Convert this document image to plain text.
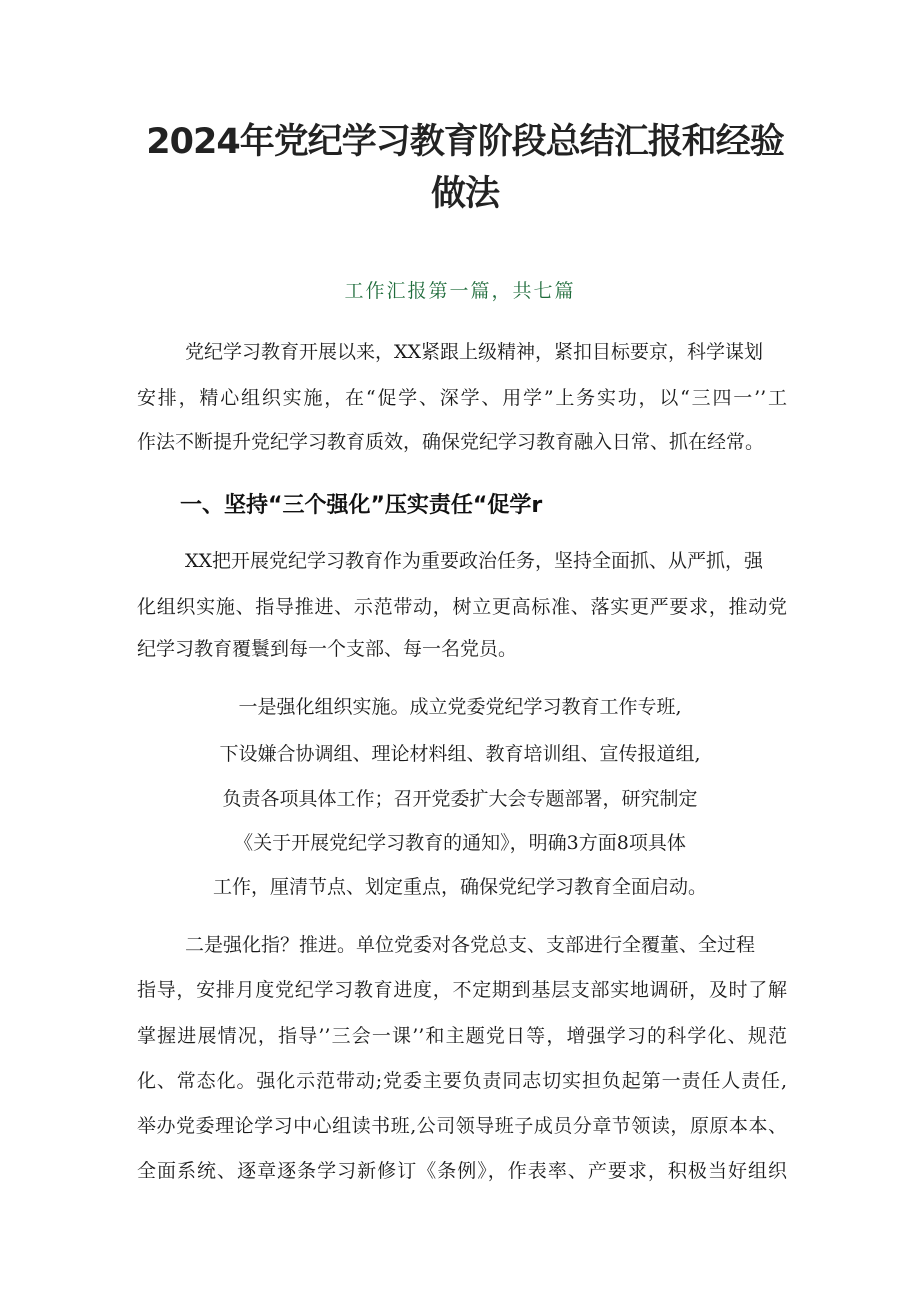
2024年党纪学习教育阶段总结汇报和经验
做法

工作汇报第一篇，共七篇

党纪学习教育开展以来，XX紧跟上级精神，紧扣目标要京，科学谋划

安排，精心组织实施，在“促学、深学、用学”上务实功，以“三四一’’工

作法不断提升党纪学习教育质效，确保党纪学习教育融入日常、抓在经常。

一、坚持“三个强化”压实责任“促学r

XX把开展党纪学习教育作为重要政治任务，坚持全面抓、从严抓，强

化组织实施、指导推进、示范带动，树立更高标准、落实更严要求，推动党

纪学习教育覆鬟到每一个支部、每一名党员。

一是强化组织实施。成立党委党纪学习教育工作专班,

下设嫌合协调组、理论材料组、教育培训组、宣传报道组,

负责各项具体工作；召开党委扩大会专题部署，研究制定

《关于开展党纪学习教育的通知》，明确3方面8项具体

工作，厘清节点、划定重点，确保党纪学习教育全面启动。

二是强化指？推进。单位党委对各党总支、支部进行全覆董、全过程

指导，安排月度党纪学习教育进度，不定期到基层支部实地调研，及时了解

掌握进展情况，指导’’三会一课’’和主题党日等，增强学习的科学化、规范

化、常态化。强化示范带动;党委主要负责同志切实担负起第一责任人责任,

举办党委理论学习中心组读书班,公司领导班子成员分章节领读，原原本本、

全面系统、逐章逐条学习新修订《条例》，作表率、产要求，积极当好组织
